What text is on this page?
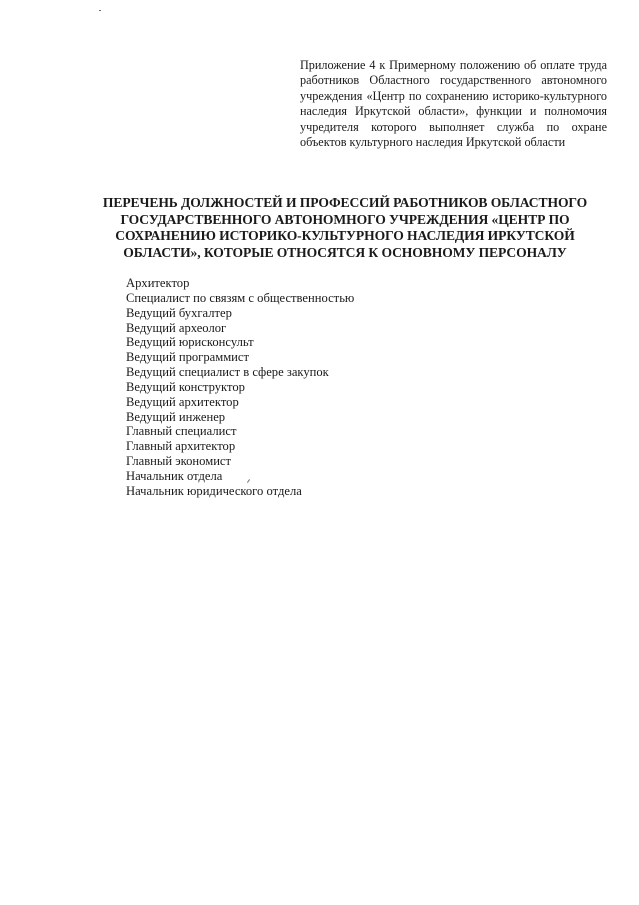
Приложение 4 к Примерному положению об оплате труда работников Областного государственного автономного учреждения «Центр по сохранению историко-культурного наследия Иркутской области», функции и полномочия учредителя которого выполняет служба по охране объектов культурного наследия Иркутской области
ПЕРЕЧЕНЬ ДОЛЖНОСТЕЙ И ПРОФЕССИЙ РАБОТНИКОВ ОБЛАСТНОГО ГОСУДАРСТВЕННОГО АВТОНОМНОГО УЧРЕЖДЕНИЯ «ЦЕНТР ПО СОХРАНЕНИЮ ИСТОРИКО-КУЛЬТУРНОГО НАСЛЕДИЯ ИРКУТСКОЙ ОБЛАСТИ», КОТОРЫЕ ОТНОСЯТСЯ К ОСНОВНОМУ ПЕРСОНАЛУ
Архитектор
Специалист по связям с общественностью
Ведущий бухгалтер
Ведущий археолог
Ведущий юрисконсульт
Ведущий программист
Ведущий специалист в сфере закупок
Ведущий конструктор
Ведущий архитектор
Ведущий инженер
Главный специалист
Главный архитектор
Главный экономист
Начальник отдела
Начальник юридического отдела
